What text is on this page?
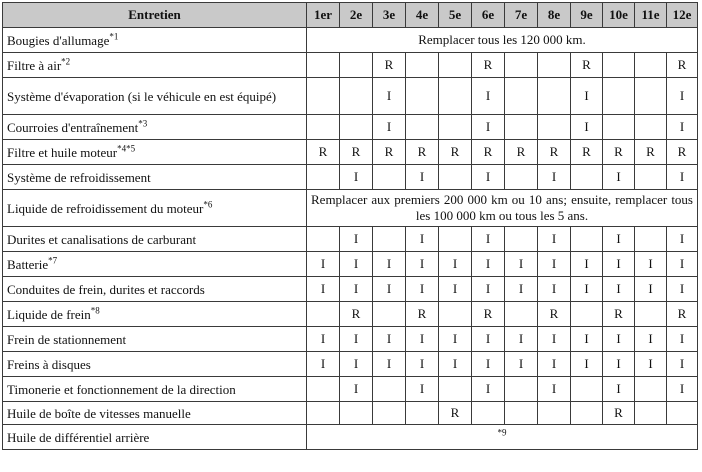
Entretien	1er	2e	3e	4e	5e	6e	7e	8e	9e	10e	11e	12e
Bougies d'allumage$^{*1}$	Remplacer tous les 120 000 km.											
Filtre à air$^{*2}$			R			R			R			R
Système d'évaporation (si le véhicule en est équipé)			I			I			I			I
Courroies d'entraînement$^{*3}$			I			I			I			I
Filtre et huile moteur$^{*4*5}$	R	R	R	R	R	R	R	R	R	R	R	R
Système de refroidissement		I		I		I		I		I		I
Liquide de refroidissement du moteur$^{*6}$	Remplacer aux premiers 200 000 km ou 10 ans; ensuite, remplacer tous les 100 000 km ou tous les 5 ans.											
Durites et canalisations de carburant		I		I		I		I		I		I
Batterie$^{*7}$	I	I	I	I	I	I	I	I	I	I	I	I
Conduites de frein, durites et raccords	I	I	I	I	I	I	I	I	I	I	I	I
Liquide de frein$^{*8}$		R		R		R		R		R		R
Frein de stationnement	I	I	I	I	I	I	I	I	I	I	I	I
Freins à disques	I	I	I	I	I	I	I	I	I	I	I	I
Timonerie et fonctionnement de la direction		I		I		I		I		I		I
Huile de boîte de vitesses manuelle					R					R		
Huile de différentiel arrière	$^{*9}$
